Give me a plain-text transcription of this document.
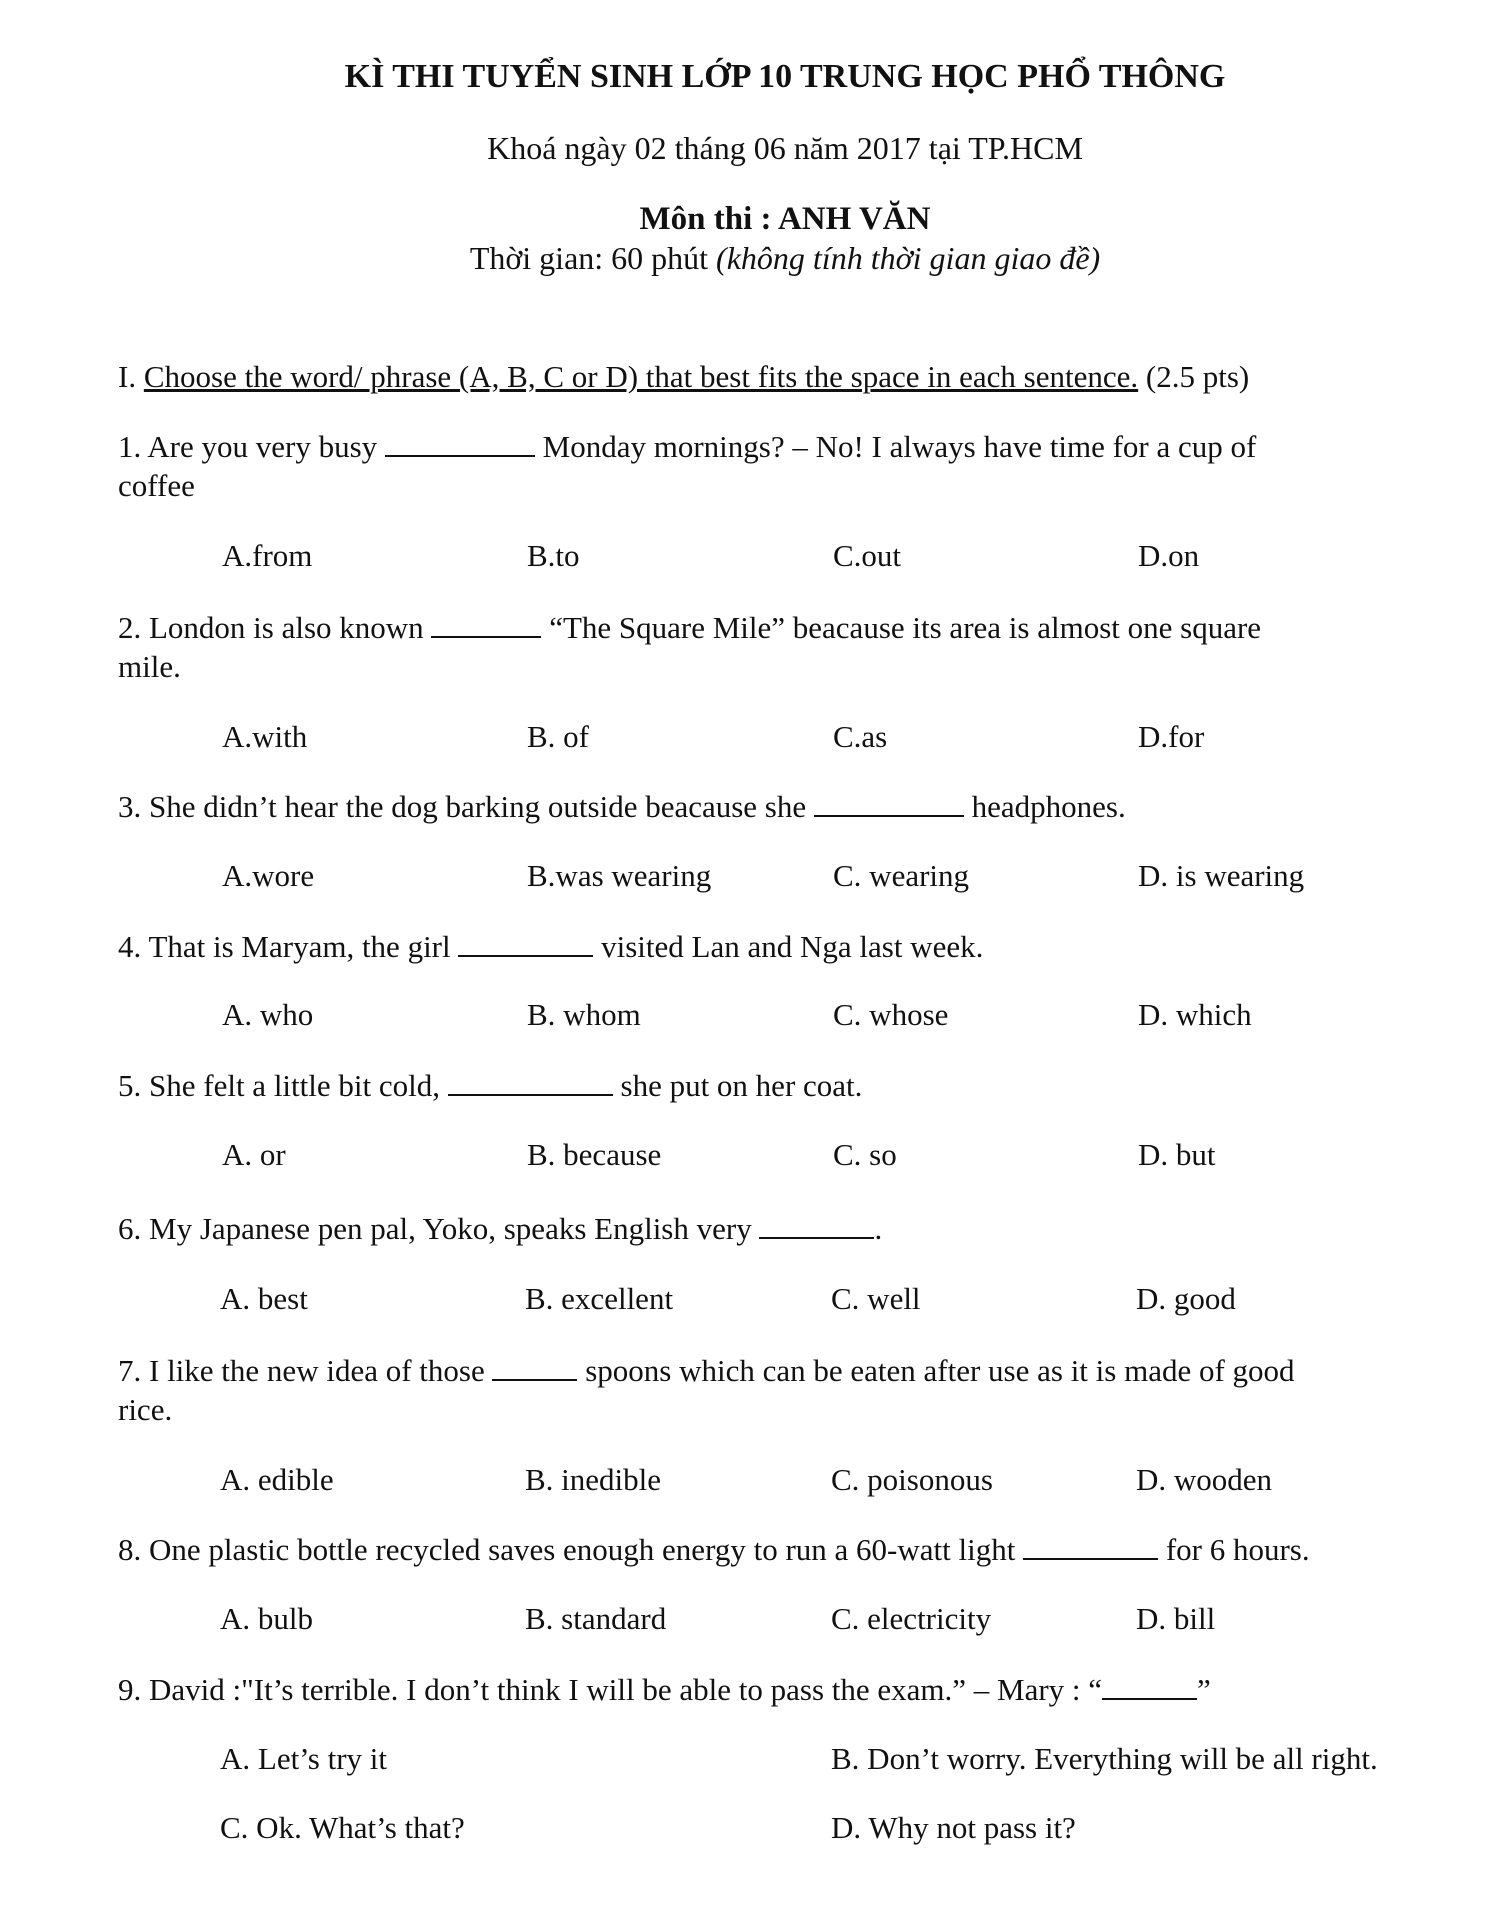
KÌ THI TUYỂN SINH LỚP 10 TRUNG HỌC PHỔ THÔNG
Khoá ngày 02 tháng 06 năm 2017 tại TP.HCM
Môn thi : ANH VĂN
Thời gian: 60 phút (không tính thời gian giao đề)
I. Choose the word/ phrase (A, B, C or D) that best fits the space in each sentence. (2.5 pts)
1. Are you very busy	Monday mornings? – No! I always have time for a cup of
coffee
A.from	B.to	C.out	D.on
2. London is also known	“The Square Mile” beacause its area is almost one square
mile.
A.with	B. of	C.as	D.for
3. She didn’t hear the dog barking outside beacause she	headphones.
A.wore	B.was wearing	C. wearing	D. is wearing
4. That is Maryam, the girl	visited Lan and Nga last week.
A. who	B. whom	C. whose	D. which
5. She felt a little bit cold,	she put on her coat.
A. or	B. because	C. so	D. but
6. My Japanese pen pal, Yoko, speaks English very	.
A. best	B. excellent	C. well	D. good
7. I like the new idea of those	spoons which can be eaten after use as it is made of good
rice.
A. edible	B. inedible	C. poisonous	D. wooden
8. One plastic bottle recycled saves enough energy to run a 60-watt light	for 6 hours.
A. bulb	B. standard	C. electricity	D. bill
9. David :"It’s terrible. I don’t think I will be able to pass the exam.” – Mary : “	”
A. Let’s try it	B. Don’t worry. Everything will be all right.
C. Ok. What’s that?	D. Why not pass it?
